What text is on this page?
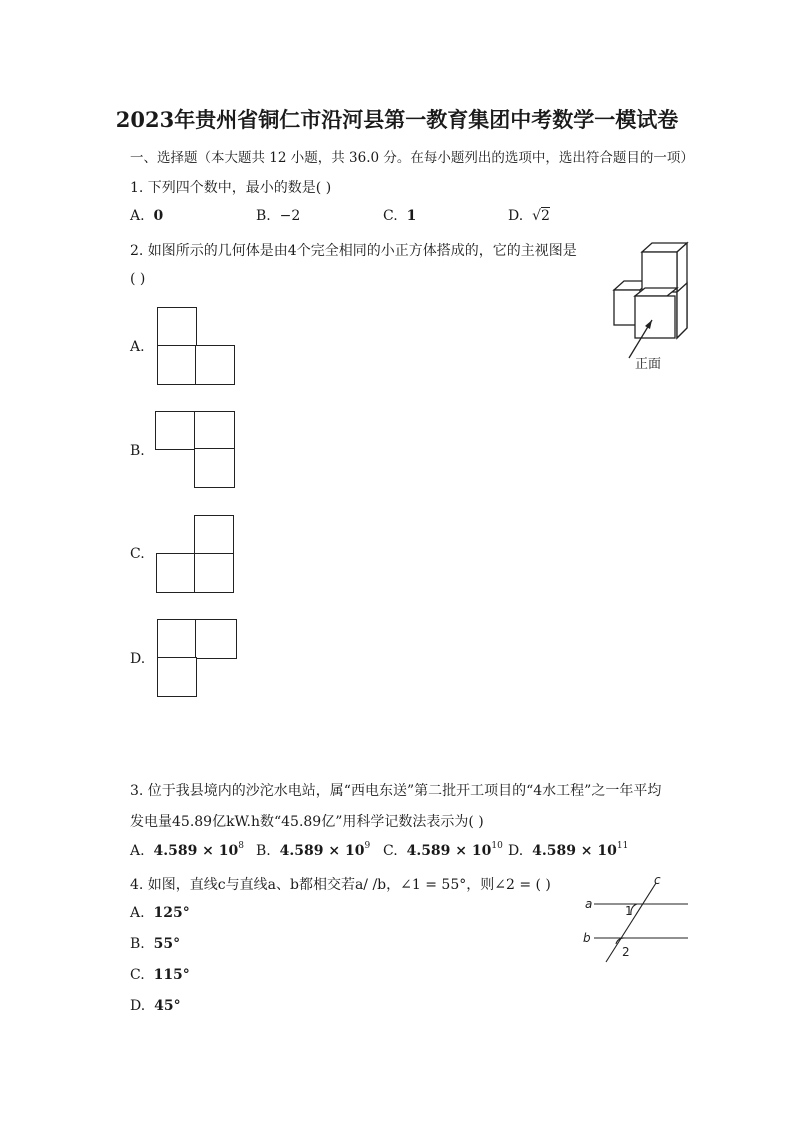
2023年贵州省铜仁市沿河县第一教育集团中考数学一模试卷
一、选择题（本大题共 12 小题，共 36.0 分。在每小题列出的选项中，选出符合题目的一项）
1. 下列四个数中，最小的数是( )
A. 0	B. −2	C. 1	D. √2
2. 如图所示的几何体是由4个完全相同的小正方体搭成的，它的主视图是
( )
正面
A.
B.
C.
D.
3. 位于我县境内的沙沱水电站，属“西电东送”第二批开工项目的“4水工程”之一年平均
发电量45.89亿kW.h数“45.89亿”用科学记数法表示为( )
A. $4.589 \times 10^8$ B. $4.589 \times 10^9$ C. $4.589 \times 10^{10}$ D. $4.589 \times 10^{11}$
4. 如图，直线c与直线a、b都相交若a/ /b，∠1 = 55°，则∠2 = ( )
A. 125°
B. 55°
C. 115°
D. 45°
a
b
c
1
2
